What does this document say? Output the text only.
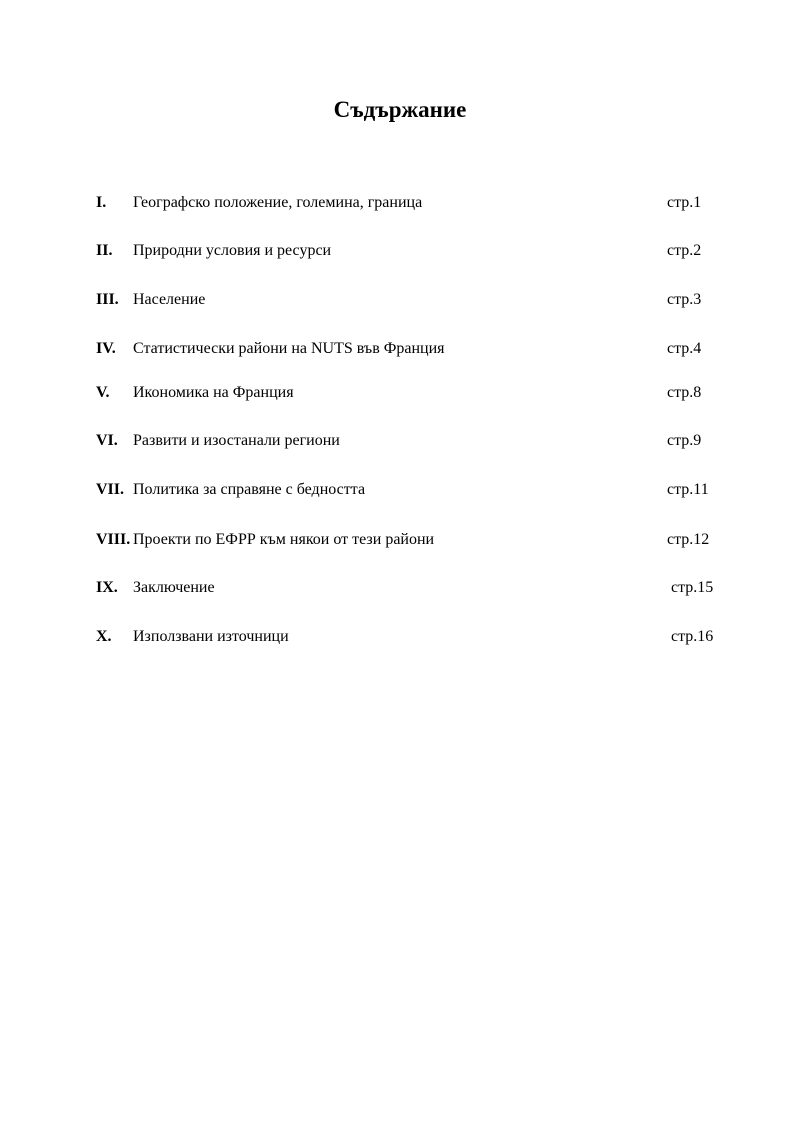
Съдържание
I. Географско положение, големина, граница	стр.1
II. Природни условия и ресурси	стр.2
III. Население	стр.3
IV. Статистически райони на NUTS във Франция	стр.4
V. Икономика на Франция	стр.8
VI. Развити и изостанали региони	стр.9
VII. Политика за справяне с бедността	стр.11
VIII. Проекти по ЕФРР към някои от тези райони	стр.12
IX. Заключение	стр.15
X. Използвани източници	стр.16
